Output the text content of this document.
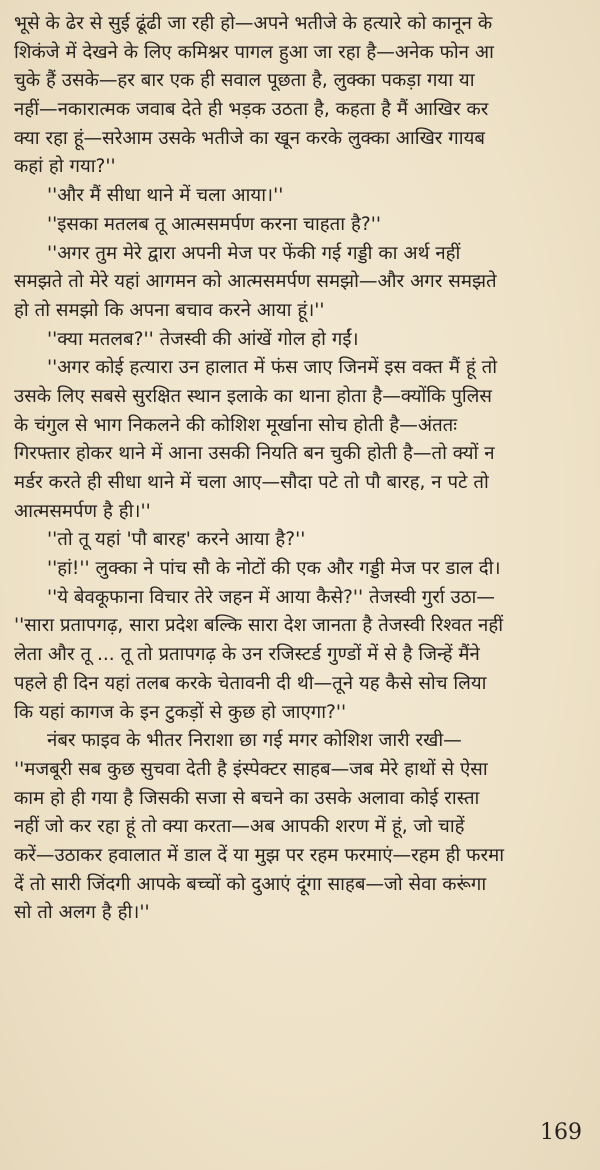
भूसे के ढेर से सुई ढूंढी जा रही हो—अपने भतीजे के हत्यारे को कानून के
शिकंजे में देखने के लिए कमिश्नर पागल हुआ जा रहा है—अनेक फोन आ
चुके हैं उसके—हर बार एक ही सवाल पूछता है, लुक्का पकड़ा गया या
नहीं—नकारात्मक जवाब देते ही भड़क उठता है, कहता है मैं आखिर कर
क्या रहा हूं—सरेआम उसके भतीजे का खून करके लुक्का आखिर गायब
कहां हो गया?''
''और मैं सीधा थाने में चला आया।''
''इसका मतलब तू आत्मसमर्पण करना चाहता है?''
''अगर तुम मेरे द्वारा अपनी मेज पर फेंकी गई गड्डी का अर्थ नहीं
समझते तो मेरे यहां आगमन को आत्मसमर्पण समझो—और अगर समझते
हो तो समझो कि अपना बचाव करने आया हूं।''
''क्या मतलब?'' तेजस्वी की आंखें गोल हो गईं।
''अगर कोई हत्यारा उन हालात में फंस जाए जिनमें इस वक्त मैं हूं तो
उसके लिए सबसे सुरक्षित स्थान इलाके का थाना होता है—क्योंकि पुलिस
के चंगुल से भाग निकलने की कोशिश मूर्खाना सोच होती है—अंततः
गिरफ्तार होकर थाने में आना उसकी नियति बन चुकी होती है—तो क्यों न
मर्डर करते ही सीधा थाने में चला आए—सौदा पटे तो पौ बारह, न पटे तो
आत्मसमर्पण है ही।''
''तो तू यहां 'पौ बारह' करने आया है?''
''हां!'' लुक्का ने पांच सौ के नोटों की एक और गड्डी मेज पर डाल दी।
''ये बेवकूफाना विचार तेरे जहन में आया कैसे?'' तेजस्वी गुर्रा उठा—
''सारा प्रतापगढ़, सारा प्रदेश बल्कि सारा देश जानता है तेजस्वी रिश्वत नहीं
लेता और तू ... तू तो प्रतापगढ़ के उन रजिस्टर्ड गुण्डों में से है जिन्हें मैंने
पहले ही दिन यहां तलब करके चेतावनी दी थी—तूने यह कैसे सोच लिया
कि यहां कागज के इन टुकड़ों से कुछ हो जाएगा?''
नंबर फाइव के भीतर निराशा छा गई मगर कोशिश जारी रखी—
''मजबूरी सब कुछ सुचवा देती है इंस्पेक्टर साहब—जब मेरे हाथों से ऐसा
काम हो ही गया है जिसकी सजा से बचने का उसके अलावा कोई रास्ता
नहीं जो कर रहा हूं तो क्या करता—अब आपकी शरण में हूं, जो चाहें
करें—उठाकर हवालात में डाल दें या मुझ पर रहम फरमाएं—रहम ही फरमा
दें तो सारी जिंदगी आपके बच्चों को दुआएं दूंगा साहब—जो सेवा करूंगा
सो तो अलग है ही।''
169
